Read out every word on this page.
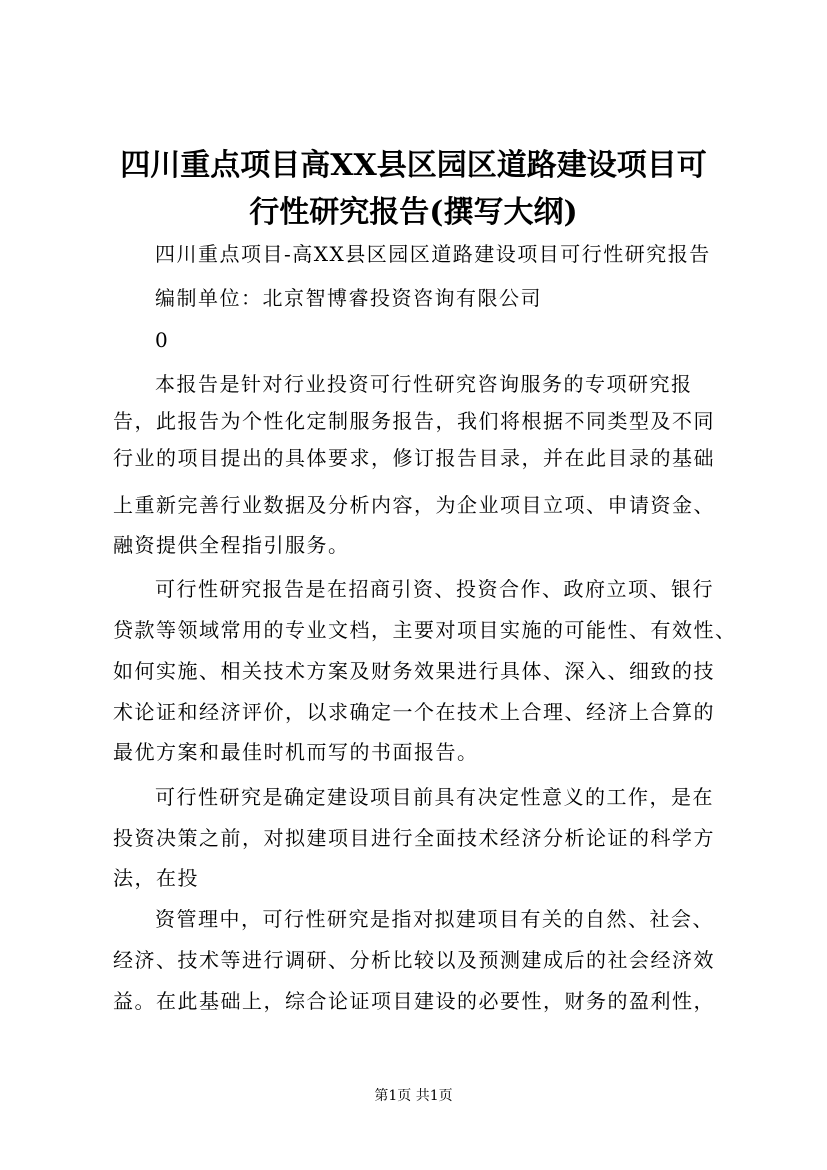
四川重点项目高XX县区园区道路建设项目可
行性研究报告(撰写大纲)
四川重点项目-高XX县区园区道路建设项目可行性研究报告
编制单位：北京智博睿投资咨询有限公司
0
本报告是针对行业投资可行性研究咨询服务的专项研究报
告，此报告为个性化定制服务报告，我们将根据不同类型及不同
行业的项目提出的具体要求，修订报告目录，并在此目录的基础
上重新完善行业数据及分析内容，为企业项目立项、申请资金、
融资提供全程指引服务。
可行性研究报告是在招商引资、投资合作、政府立项、银行
贷款等领域常用的专业文档，主要对项目实施的可能性、有效性、
如何实施、相关技术方案及财务效果进行具体、深入、细致的技
术论证和经济评价，以求确定一个在技术上合理、经济上合算的
最优方案和最佳时机而写的书面报告。
可行性研究是确定建设项目前具有决定性意义的工作，是在
投资决策之前，对拟建项目进行全面技术经济分析论证的科学方
法，在投
资管理中，可行性研究是指对拟建项目有关的自然、社会、
经济、技术等进行调研、分析比较以及预测建成后的社会经济效
益。在此基础上，综合论证项目建设的必要性，财务的盈利性，
第1页 共1页
